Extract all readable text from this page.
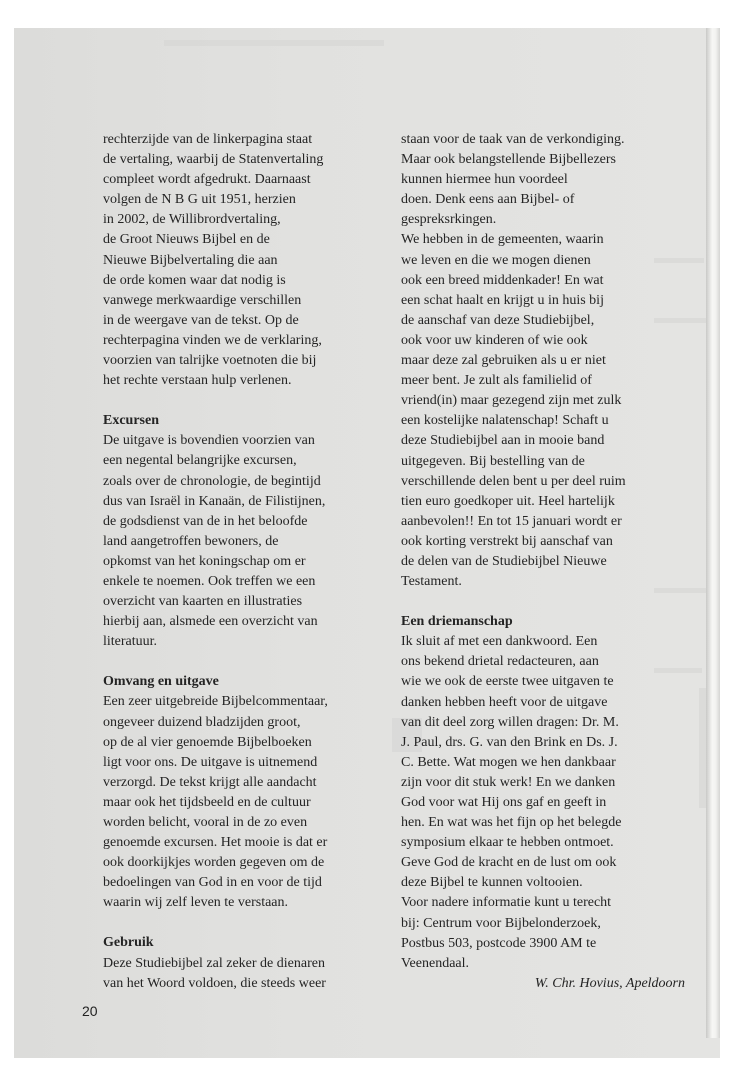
rechterzijde van de linkerpagina staat
de vertaling, waarbij de Statenvertaling
compleet wordt afgedrukt. Daarnaast
volgen de N B G uit 1951, herzien
in 2002, de Willibrordvertaling,
de Groot Nieuws Bijbel en de
Nieuwe Bijbelvertaling die aan
de orde komen waar dat nodig is
vanwege merkwaardige verschillen
in de weergave van de tekst. Op de
rechterpagina vinden we de verklaring,
voorzien van talrijke voetnoten die bij
het rechte verstaan hulp verlenen.

Excursen

De uitgave is bovendien voorzien van
een negental belangrijke excursen,
zoals over de chronologie, de begintijd
dus van Israël in Kanaän, de Filistijnen,
de godsdienst van de in het beloofde
land aangetroffen bewoners, de
opkomst van het koningschap om er
enkele te noemen. Ook treffen we een
overzicht van kaarten en illustraties
hierbij aan, alsmede een overzicht van
literatuur.

Omvang en uitgave

Een zeer uitgebreide Bijbelcommentaar,
ongeveer duizend bladzijden groot,
op de al vier genoemde Bijbelboeken
ligt voor ons. De uitgave is uitnemend
verzorgd. De tekst krijgt alle aandacht
maar ook het tijdsbeeld en de cultuur
worden belicht, vooral in de zo even
genoemde excursen. Het mooie is dat er
ook doorkijkjes worden gegeven om de
bedoelingen van God in en voor de tijd
waarin wij zelf leven te verstaan.

Gebruik

Deze Studiebijbel zal zeker de dienaren
van het Woord voldoen, die steeds weer

staan voor de taak van de verkondiging.
Maar ook belangstellende Bijbellezers
kunnen hiermee hun voordeel
doen. Denk eens aan Bijbel- of
gespreksrkingen.
We hebben in de gemeenten, waarin
we leven en die we mogen dienen
ook een breed middenkader! En wat
een schat haalt en krijgt u in huis bij
de aanschaf van deze Studiebijbel,
ook voor uw kinderen of wie ook
maar deze zal gebruiken als u er niet
meer bent. Je zult als familielid of
vriend(in) maar gezegend zijn met zulk
een kostelijke nalatenschap! Schaft u
deze Studiebijbel aan in mooie band
uitgegeven. Bij bestelling van de
verschillende delen bent u per deel ruim
tien euro goedkoper uit. Heel hartelijk
aanbevolen!! En tot 15 januari wordt er
ook korting verstrekt bij aanschaf van
de delen van de Studiebijbel Nieuwe
Testament.

Een driemanschap

Ik sluit af met een dankwoord. Een
ons bekend drietal redacteuren, aan
wie we ook de eerste twee uitgaven te
danken hebben heeft voor de uitgave
van dit deel zorg willen dragen: Dr. M.
J. Paul, drs. G. van den Brink en Ds. J.
C. Bette. Wat mogen we hen dankbaar
zijn voor dit stuk werk! En we danken
God voor wat Hij ons gaf en geeft in
hen. En wat was het fijn op het belegde
symposium elkaar te hebben ontmoet.
Geve God de kracht en de lust om ook
deze Bijbel te kunnen voltooien.
Voor nadere informatie kunt u terecht
bij: Centrum voor Bijbelonderzoek,
Postbus 503, postcode 3900 AM te
Veenendaal.

W. Chr. Hovius, Apeldoorn
20
